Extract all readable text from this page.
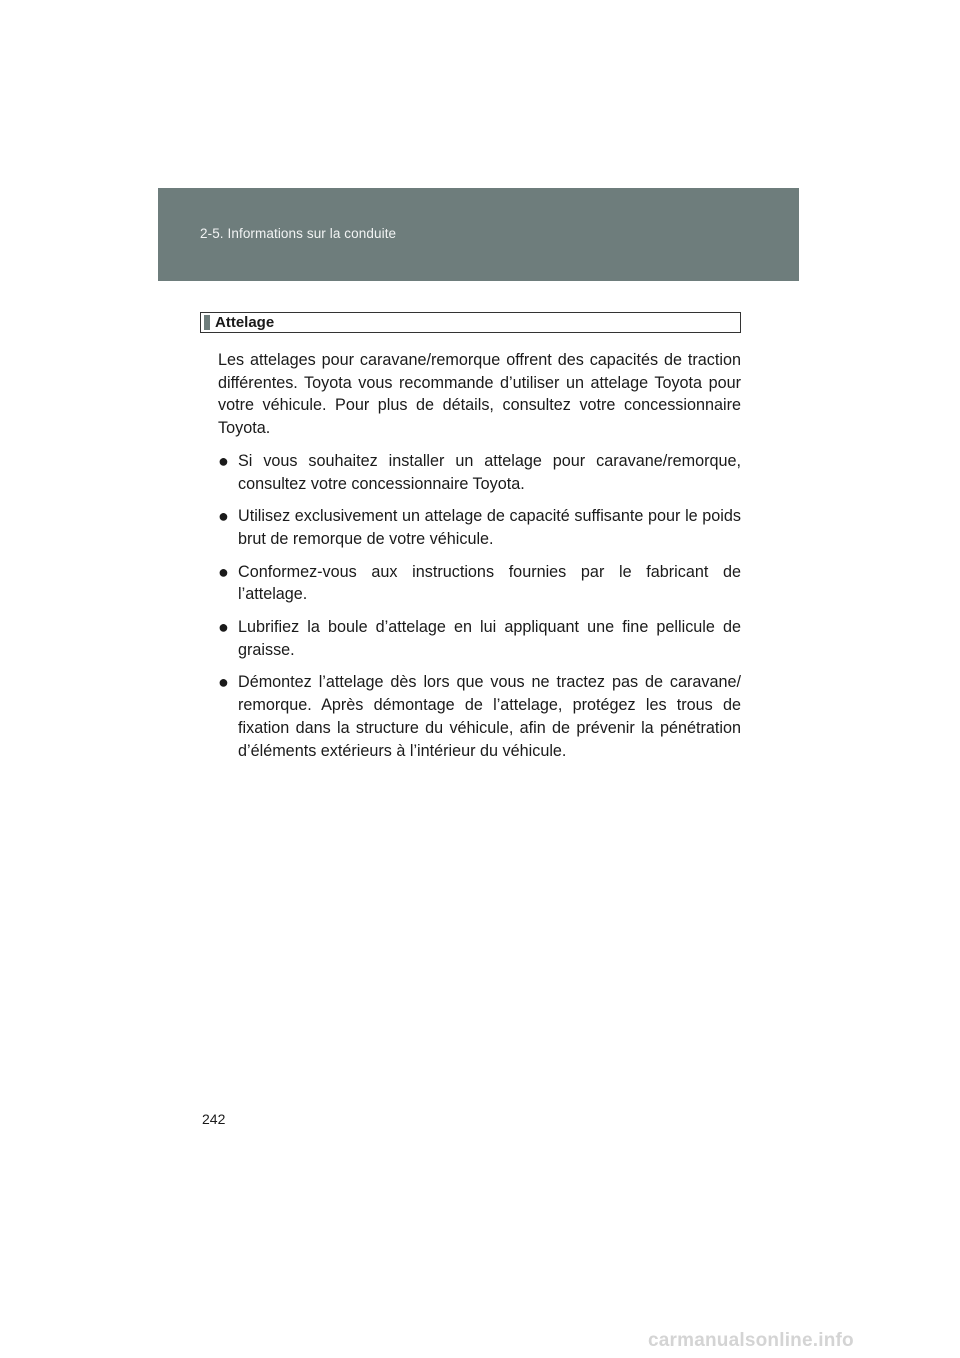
2-5. Informations sur la conduite
Attelage

Les attelages pour caravane/remorque offrent des capacités de traction différentes. Toyota vous recommande d’utiliser un attelage Toyota pour votre véhicule. Pour plus de détails, consultez votre concessionnaire Toyota.

● Si vous souhaitez installer un attelage pour caravane/remorque, consultez votre concessionnaire Toyota.
● Utilisez exclusivement un attelage de capacité suffisante pour le poids brut de remorque de votre véhicule.
● Conformez-vous aux instructions fournies par le fabricant de l’attelage.
● Lubrifiez la boule d’attelage en lui appliquant une fine pellicule de graisse.
● Démontez l’attelage dès lors que vous ne tractez pas de caravane/ remorque. Après démontage de l’attelage, protégez les trous de fixation dans la structure du véhicule, afin de prévenir la pénétration d’éléments extérieurs à l’intérieur du véhicule.
242
carmanualsonline.info
